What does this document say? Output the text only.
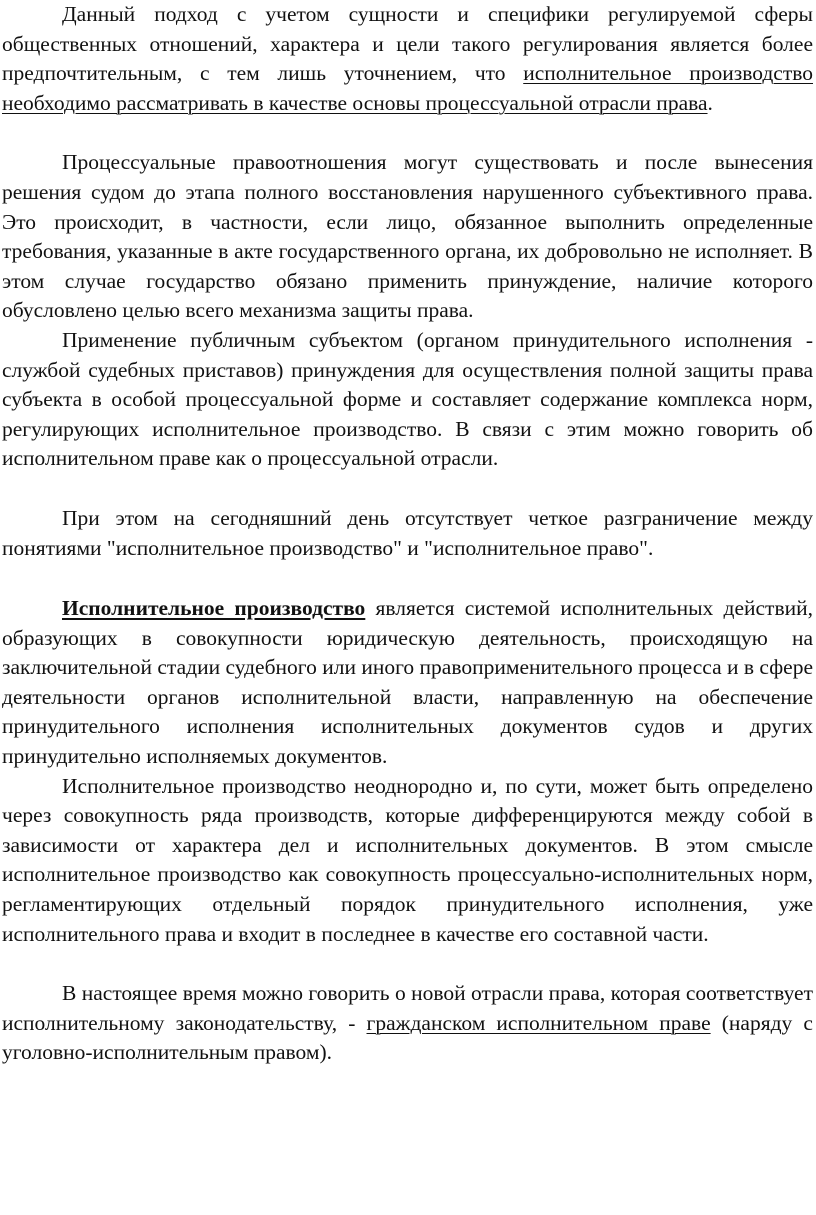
Данный подход с учетом сущности и специфики регулируемой сферы общественных отношений, характера и цели такого регулирования является более предпочтительным, с тем лишь уточнением, что исполнительное производство необходимо рассматривать в качестве основы процессуальной отрасли права.

Процессуальные правоотношения могут существовать и после вынесения решения судом до этапа полного восстановления нарушенного субъективного права. Это происходит, в частности, если лицо, обязанное выполнить определенные требования, указанные в акте государственного органа, их добровольно не исполняет. В этом случае государство обязано применить принуждение, наличие которого обусловлено целью всего механизма защиты права.

Применение публичным субъектом (органом принудительного исполнения - службой судебных приставов) принуждения для осуществления полной защиты права субъекта в особой процессуальной форме и составляет содержание комплекса норм, регулирующих исполнительное производство. В связи с этим можно говорить об исполнительном праве как о процессуальной отрасли.

При этом на сегодняшний день отсутствует четкое разграничение между понятиями "исполнительное производство" и "исполнительное право".

Исполнительное производство является системой исполнительных действий, образующих в совокупности юридическую деятельность, происходящую на заключительной стадии судебного или иного правоприменительного процесса и в сфере деятельности органов исполнительной власти, направленную на обеспечение принудительного исполнения исполнительных документов судов и других принудительно исполняемых документов.

Исполнительное производство неоднородно и, по сути, может быть определено через совокупность ряда производств, которые дифференцируются между собой в зависимости от характера дел и исполнительных документов. В этом смысле исполнительное производство как совокупность процессуально-исполнительных норм, регламентирующих отдельный порядок принудительного исполнения, уже исполнительного права и входит в последнее в качестве его составной части.

В настоящее время можно говорить о новой отрасли права, которая соответствует исполнительному законодательству, - гражданском исполнительном праве (наряду с уголовно-исполнительным правом).
